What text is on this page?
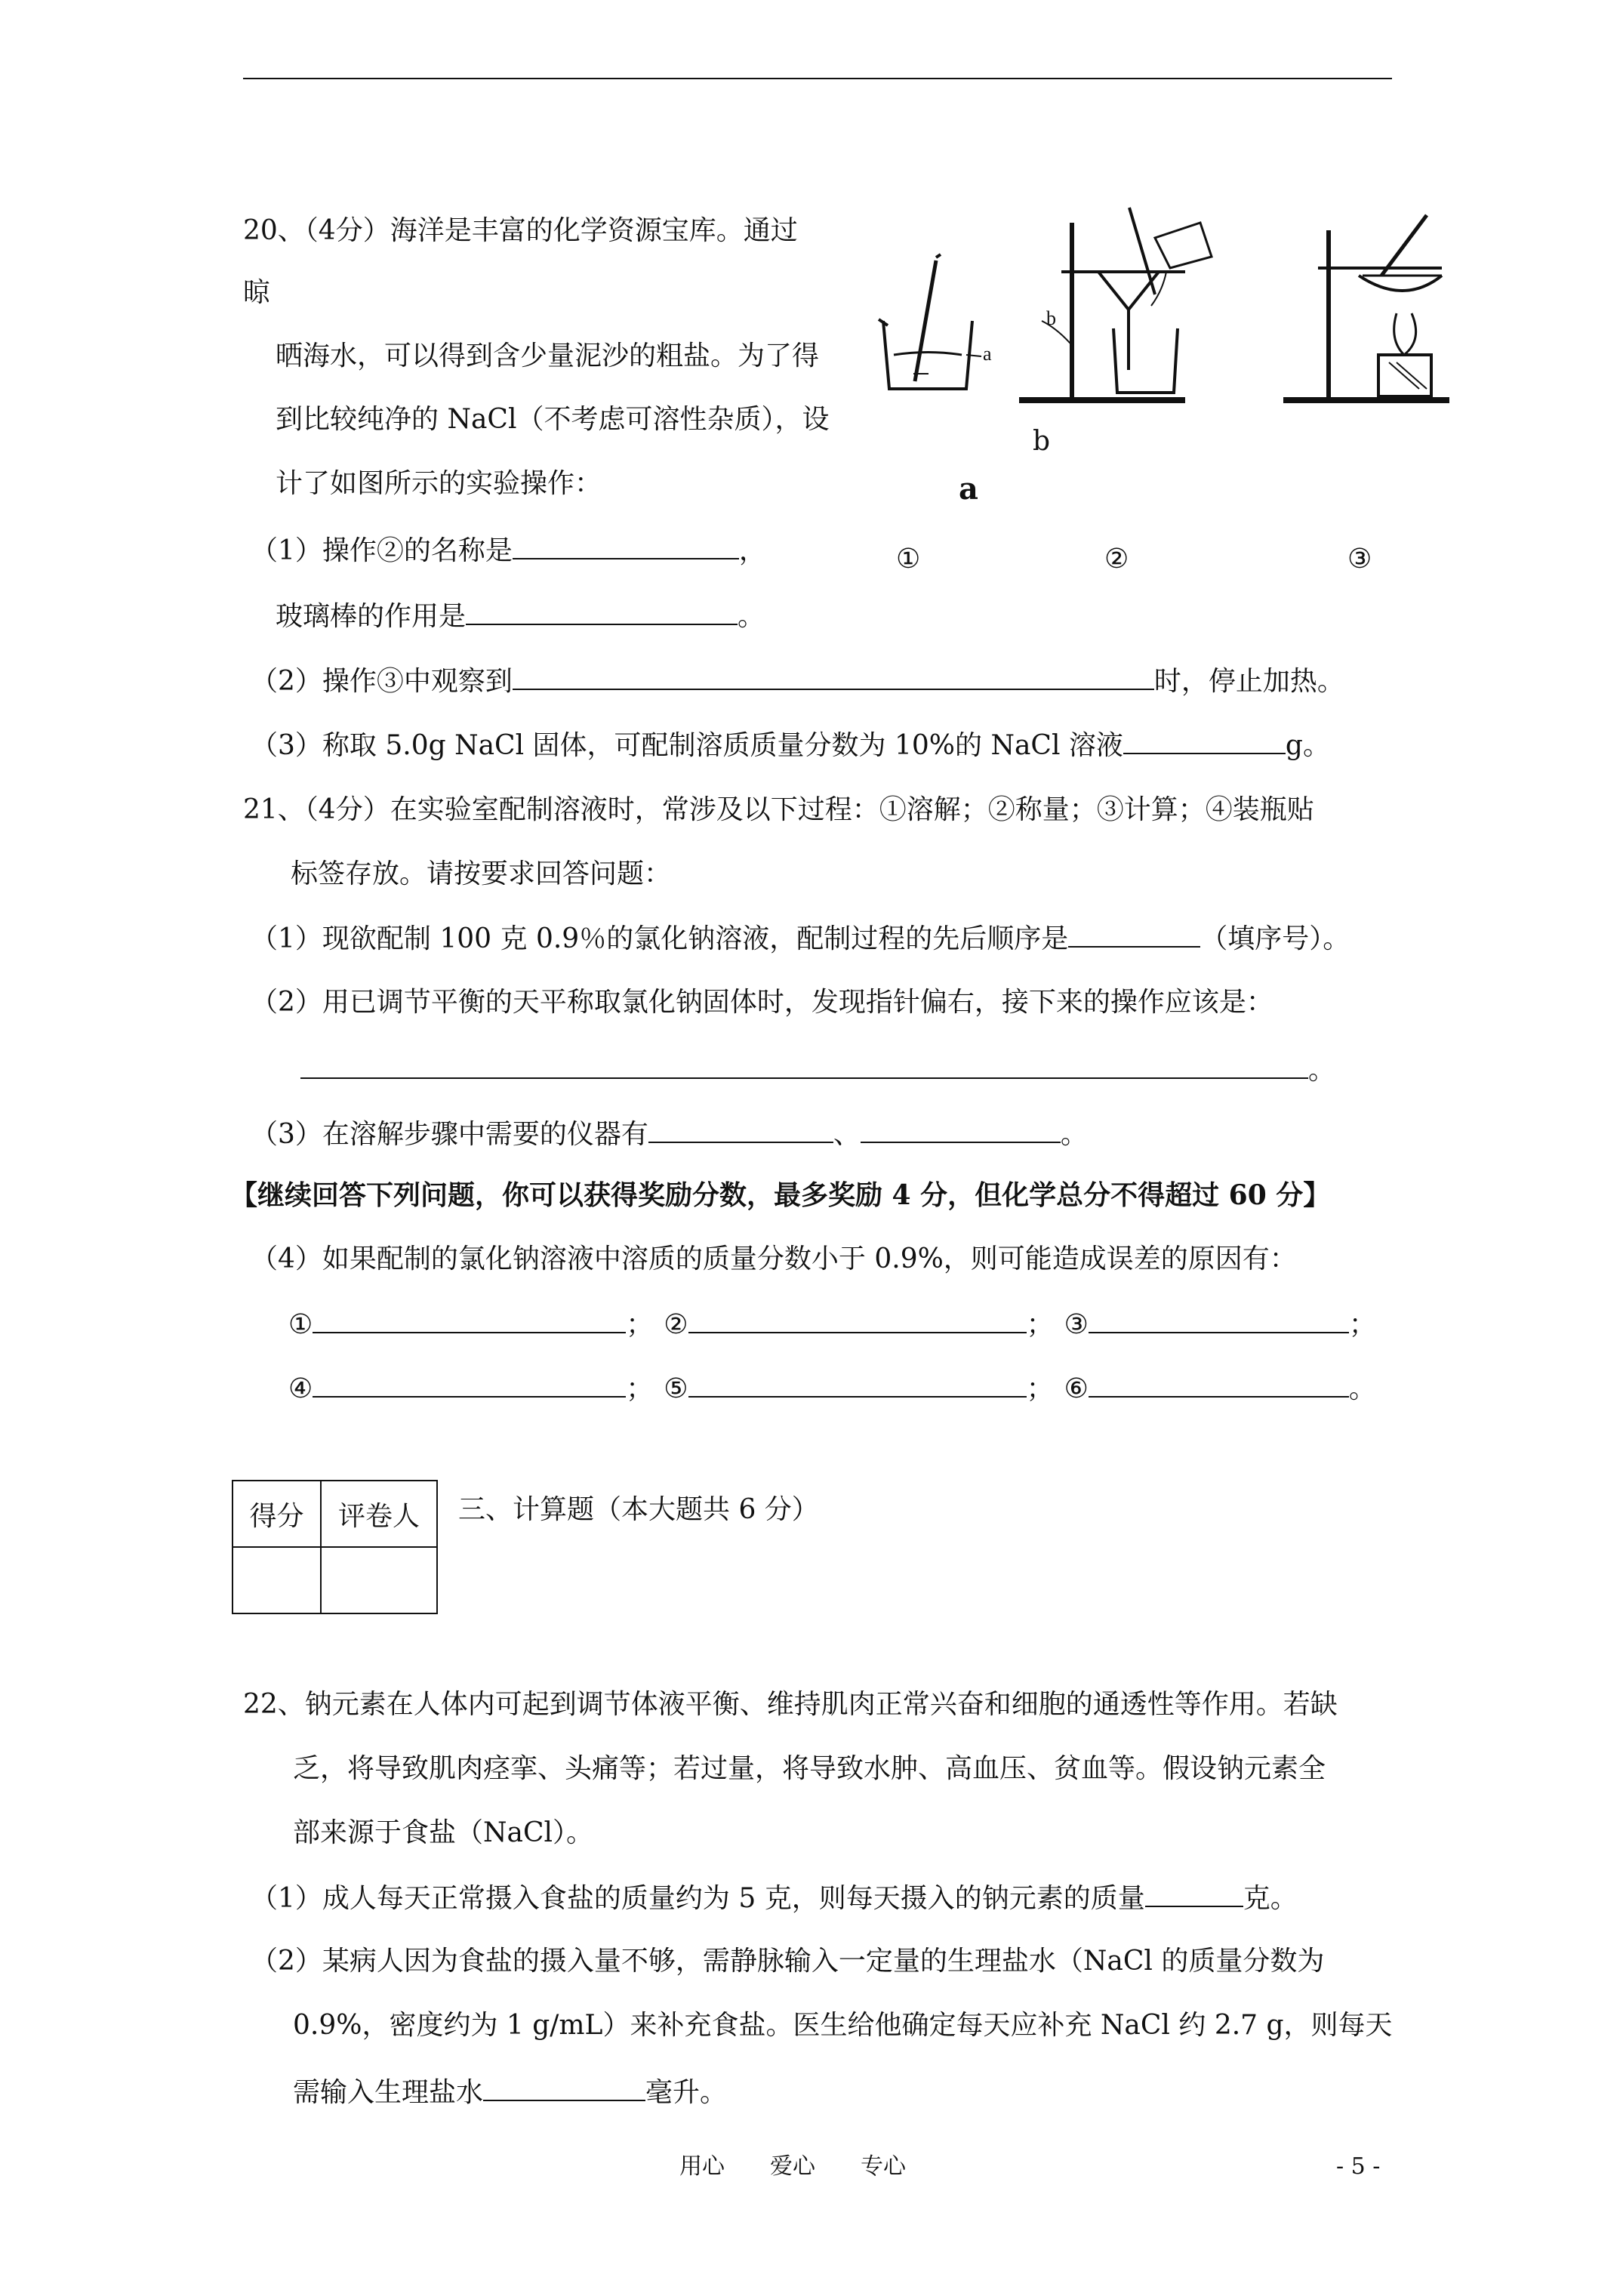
20、（4分）海洋是丰富的化学资源宝库。通过
晾
晒海水，可以得到含少量泥沙的粗盐。为了得
到比较纯净的 NaCl（不考虑可溶性杂质），设
计了如图所示的实验操作：
（1）操作②的名称是	，
玻璃棒的作用是	。
（2）操作③中观察到	时，停止加热。
（3）称取 5.0g NaCl 固体，可配制溶质质量分数为 10%的 NaCl 溶液	g。
a
b
b
a
①	②	③
21、（4分）在实验室配制溶液时，常涉及以下过程：①溶解；②称量；③计算；④装瓶贴
标签存放。请按要求回答问题：
（1）现欲配制 100 克 0.9％的氯化钠溶液，配制过程的先后顺序是	（填序号）。
（2）用已调节平衡的天平称取氯化钠固体时，发现指针偏右，接下来的操作应该是：
。
（3）在溶解步骤中需要的仪器有	、	。
【继续回答下列问题，你可以获得奖励分数，最多奖励 4 分，但化学总分不得超过 60 分】
（4）如果配制的氯化钠溶液中溶质的质量分数小于 0.9%，则可能造成误差的原因有：
①	； ②	； ③	；
④	； ⑤	； ⑥	。
得分	评卷人
	三、计算题（本大题共 6 分）
22、钠元素在人体内可起到调节体液平衡、维持肌肉正常兴奋和细胞的通透性等作用。若缺
乏，将导致肌肉痉挛、头痛等；若过量，将导致水肿、高血压、贫血等。假设钠元素全
部来源于食盐（NaCl）。
（1）成人每天正常摄入食盐的质量约为 5 克，则每天摄入的钠元素的质量	克。
（2）某病人因为食盐的摄入量不够，需静脉输入一定量的生理盐水（NaCl 的质量分数为
0.9%，密度约为 1 g/mL）来补充食盐。医生给他确定每天应补充 NaCl 约 2.7 g，则每天
需输入生理盐水	毫升。
用心　　爱心　　专心	- 5 -
